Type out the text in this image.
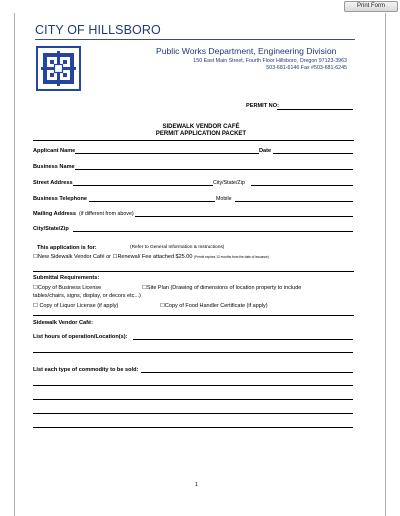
Print Form
CITY OF HILLSBORO
Public Works Department, Engineering Division
150 East Main Street, Fourth Floor Hillsboro, Oregon 97123-3963
503-681-6146 Fax #503-681-6245
PERMIT NO:
SIDEWALK VENDOR CAFÉ
PERMIT APPLICATION PACKET
Applicant Name	Date
Business Name
Street Address	City/State/Zip
Business Telephone	Mobile
Mailing Address (if different from above)
City/State/Zip
This application is for:	(Refer to General Information & Instructions)
☐New Sidewalk Vendor Café or ☐Renewal/ Fee attached $25.00 (Permit expires 12 months from the date of issuance)
Submittal Requirements:
☐Copy of Business License	☐Site Plan (Drawing of dimensions of location property to include
tables/chairs, signs, display, or decors etc...)
☐ Copy of Liquor License (if apply)	☐Copy of Food Handler Certificate (if apply)
Sidewalk Vendor Café:
List hours of operation/Location(s):
List each type of commodity to be sold:
1
